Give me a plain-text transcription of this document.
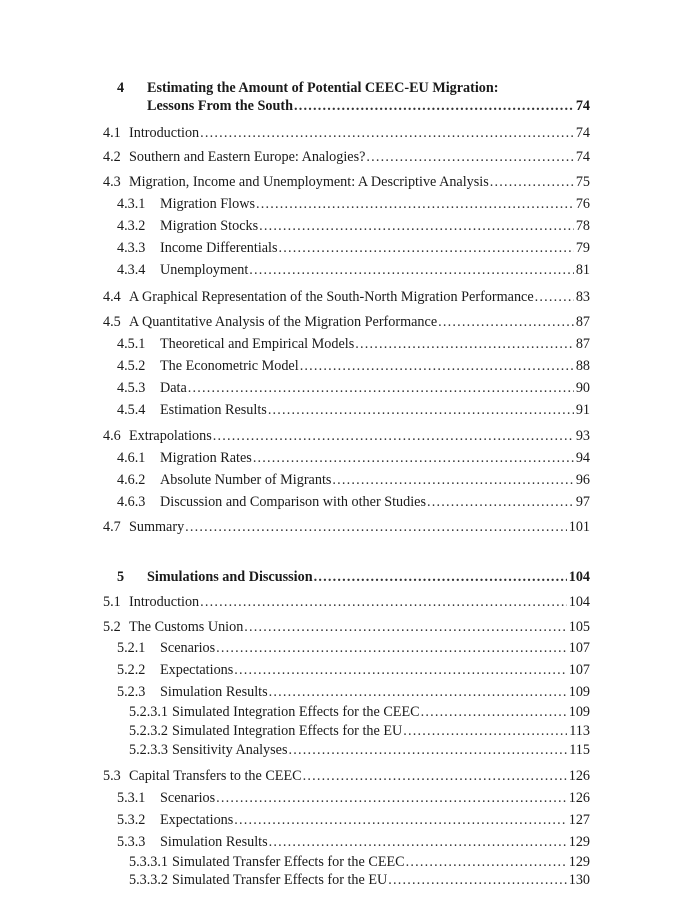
4 Estimating the Amount of Potential CEEC-EU Migration:
Lessons From the South .....	74
4.1 Introduction .....	74
4.2 Southern and Eastern Europe: Analogies? .....	74
4.3 Migration, Income and Unemployment: A Descriptive Analysis .....	75
4.3.1 Migration Flows .....	76
4.3.2 Migration Stocks .....	78
4.3.3 Income Differentials .....	79
4.3.4 Unemployment .....	81
4.4 A Graphical Representation of the South-North Migration Performance .....	83
4.5 A Quantitative Analysis of the Migration Performance .....	87
4.5.1 Theoretical and Empirical Models .....	87
4.5.2 The Econometric Model .....	88
4.5.3 Data .....	90
4.5.4 Estimation Results .....	91
4.6 Extrapolations .....	93
4.6.1 Migration Rates .....	94
4.6.2 Absolute Number of Migrants .....	96
4.6.3 Discussion and Comparison with other Studies .....	97
4.7 Summary .....	101
5 Simulations and Discussion .....	104
5.1 Introduction .....	104
5.2 The Customs Union .....	105
5.2.1 Scenarios .....	107
5.2.2 Expectations .....	107
5.2.3 Simulation Results .....	109
5.2.3.1 Simulated Integration Effects for the CEEC .....	109
5.2.3.2 Simulated Integration Effects for the EU .....	113
5.2.3.3 Sensitivity Analyses .....	115
5.3 Capital Transfers to the CEEC .....	126
5.3.1 Scenarios .....	126
5.3.2 Expectations .....	127
5.3.3 Simulation Results .....	129
5.3.3.1 Simulated Transfer Effects for the CEEC .....	129
5.3.3.2 Simulated Transfer Effects for the EU .....	130
